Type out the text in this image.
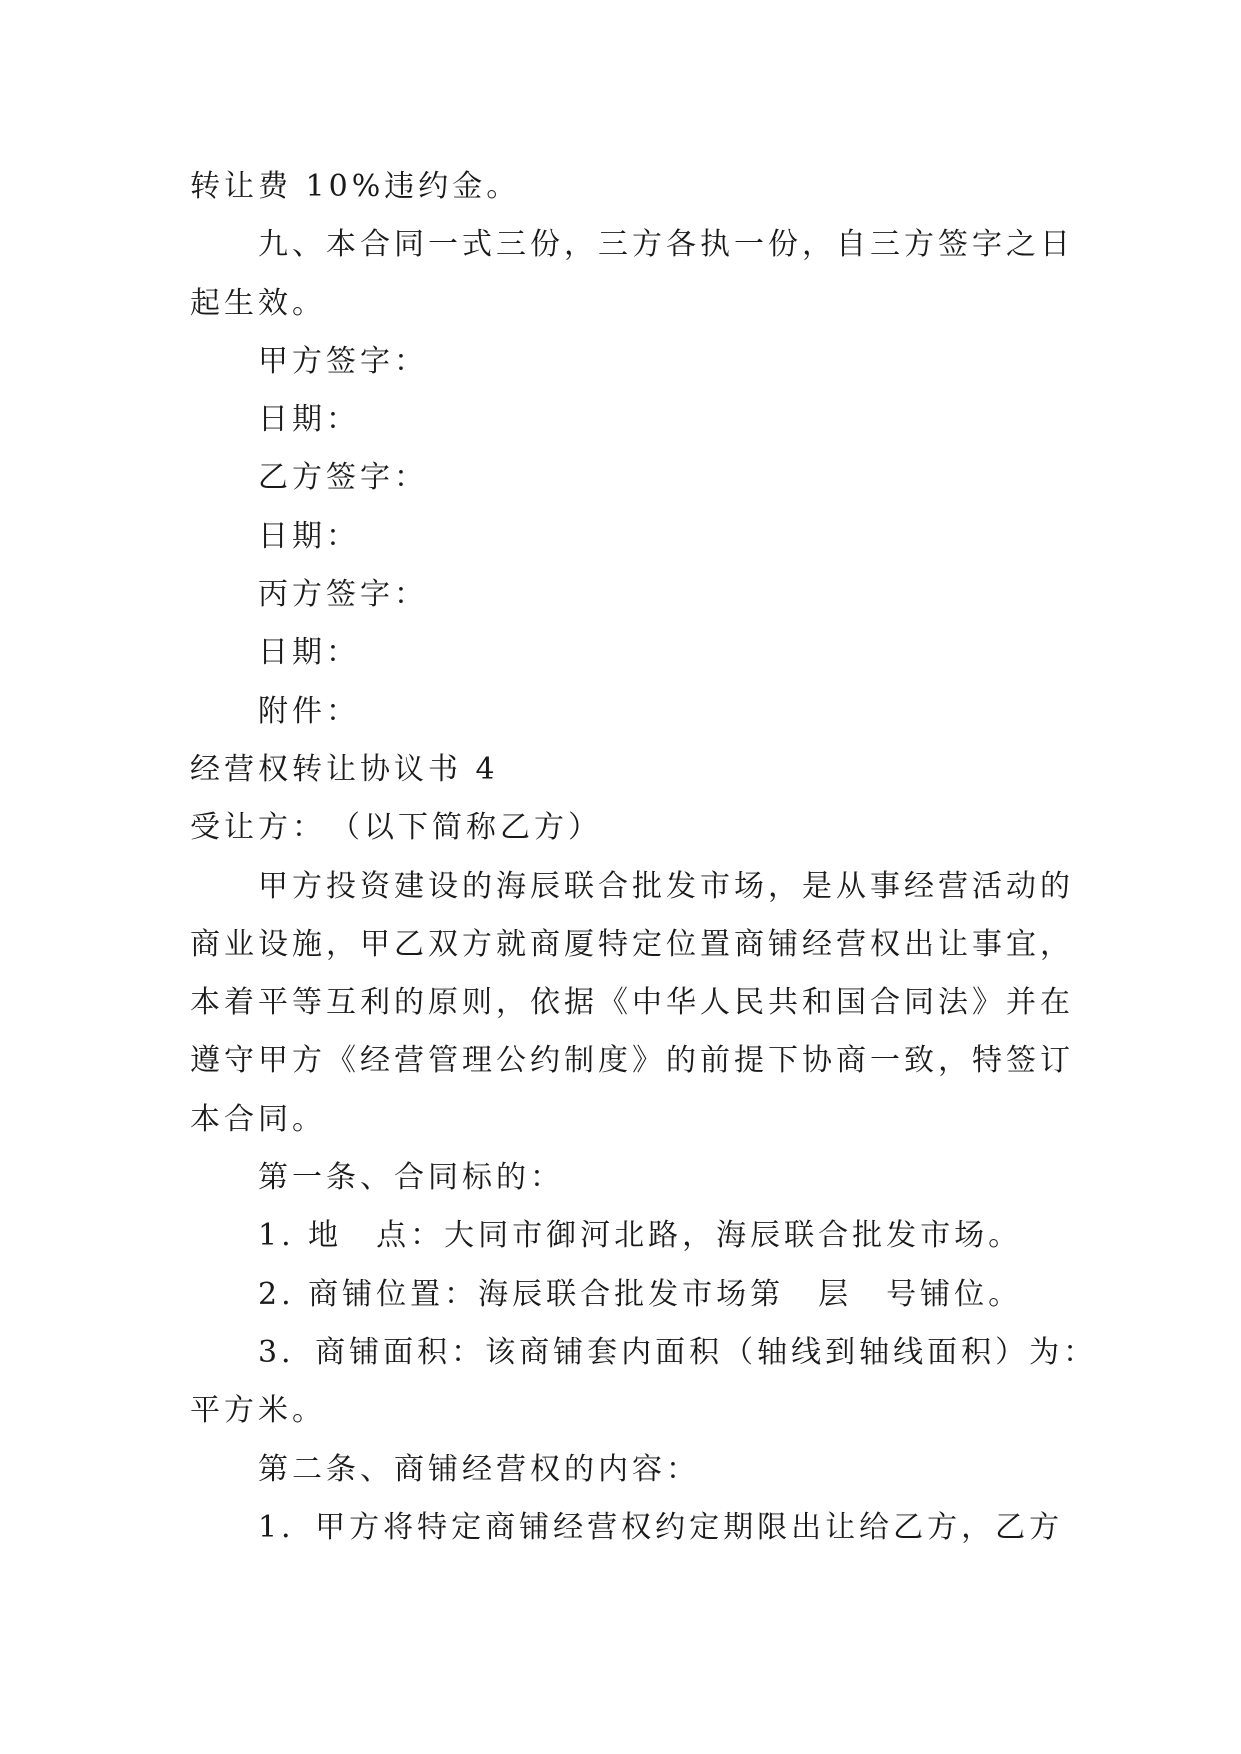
转让费 10%违约金。
九、本合同一式三份，三方各执一份，自三方签字之日
起生效。
甲方签字：
日期：
乙方签字：
日期：
丙方签字：
日期：
附件：
经营权转让协议书 4
受让方：　（以下简称乙方）
甲方投资建设的海辰联合批发市场，是从事经营活动的
商业设施，甲乙双方就商厦特定位置商铺经营权出让事宜，
本着平等互利的原则，依据《中华人民共和国合同法》并在
遵守甲方《经营管理公约制度》的前提下协商一致，特签订
本合同。
第一条、合同标的：
1. 地　点：大同市御河北路，海辰联合批发市场。
2. 商铺位置：海辰联合批发市场第　层　号铺位。
3．商铺面积：该商铺套内面积（轴线到轴线面积）为：
平方米。
第二条、商铺经营权的内容：
1．甲方将特定商铺经营权约定期限出让给乙方，乙方
